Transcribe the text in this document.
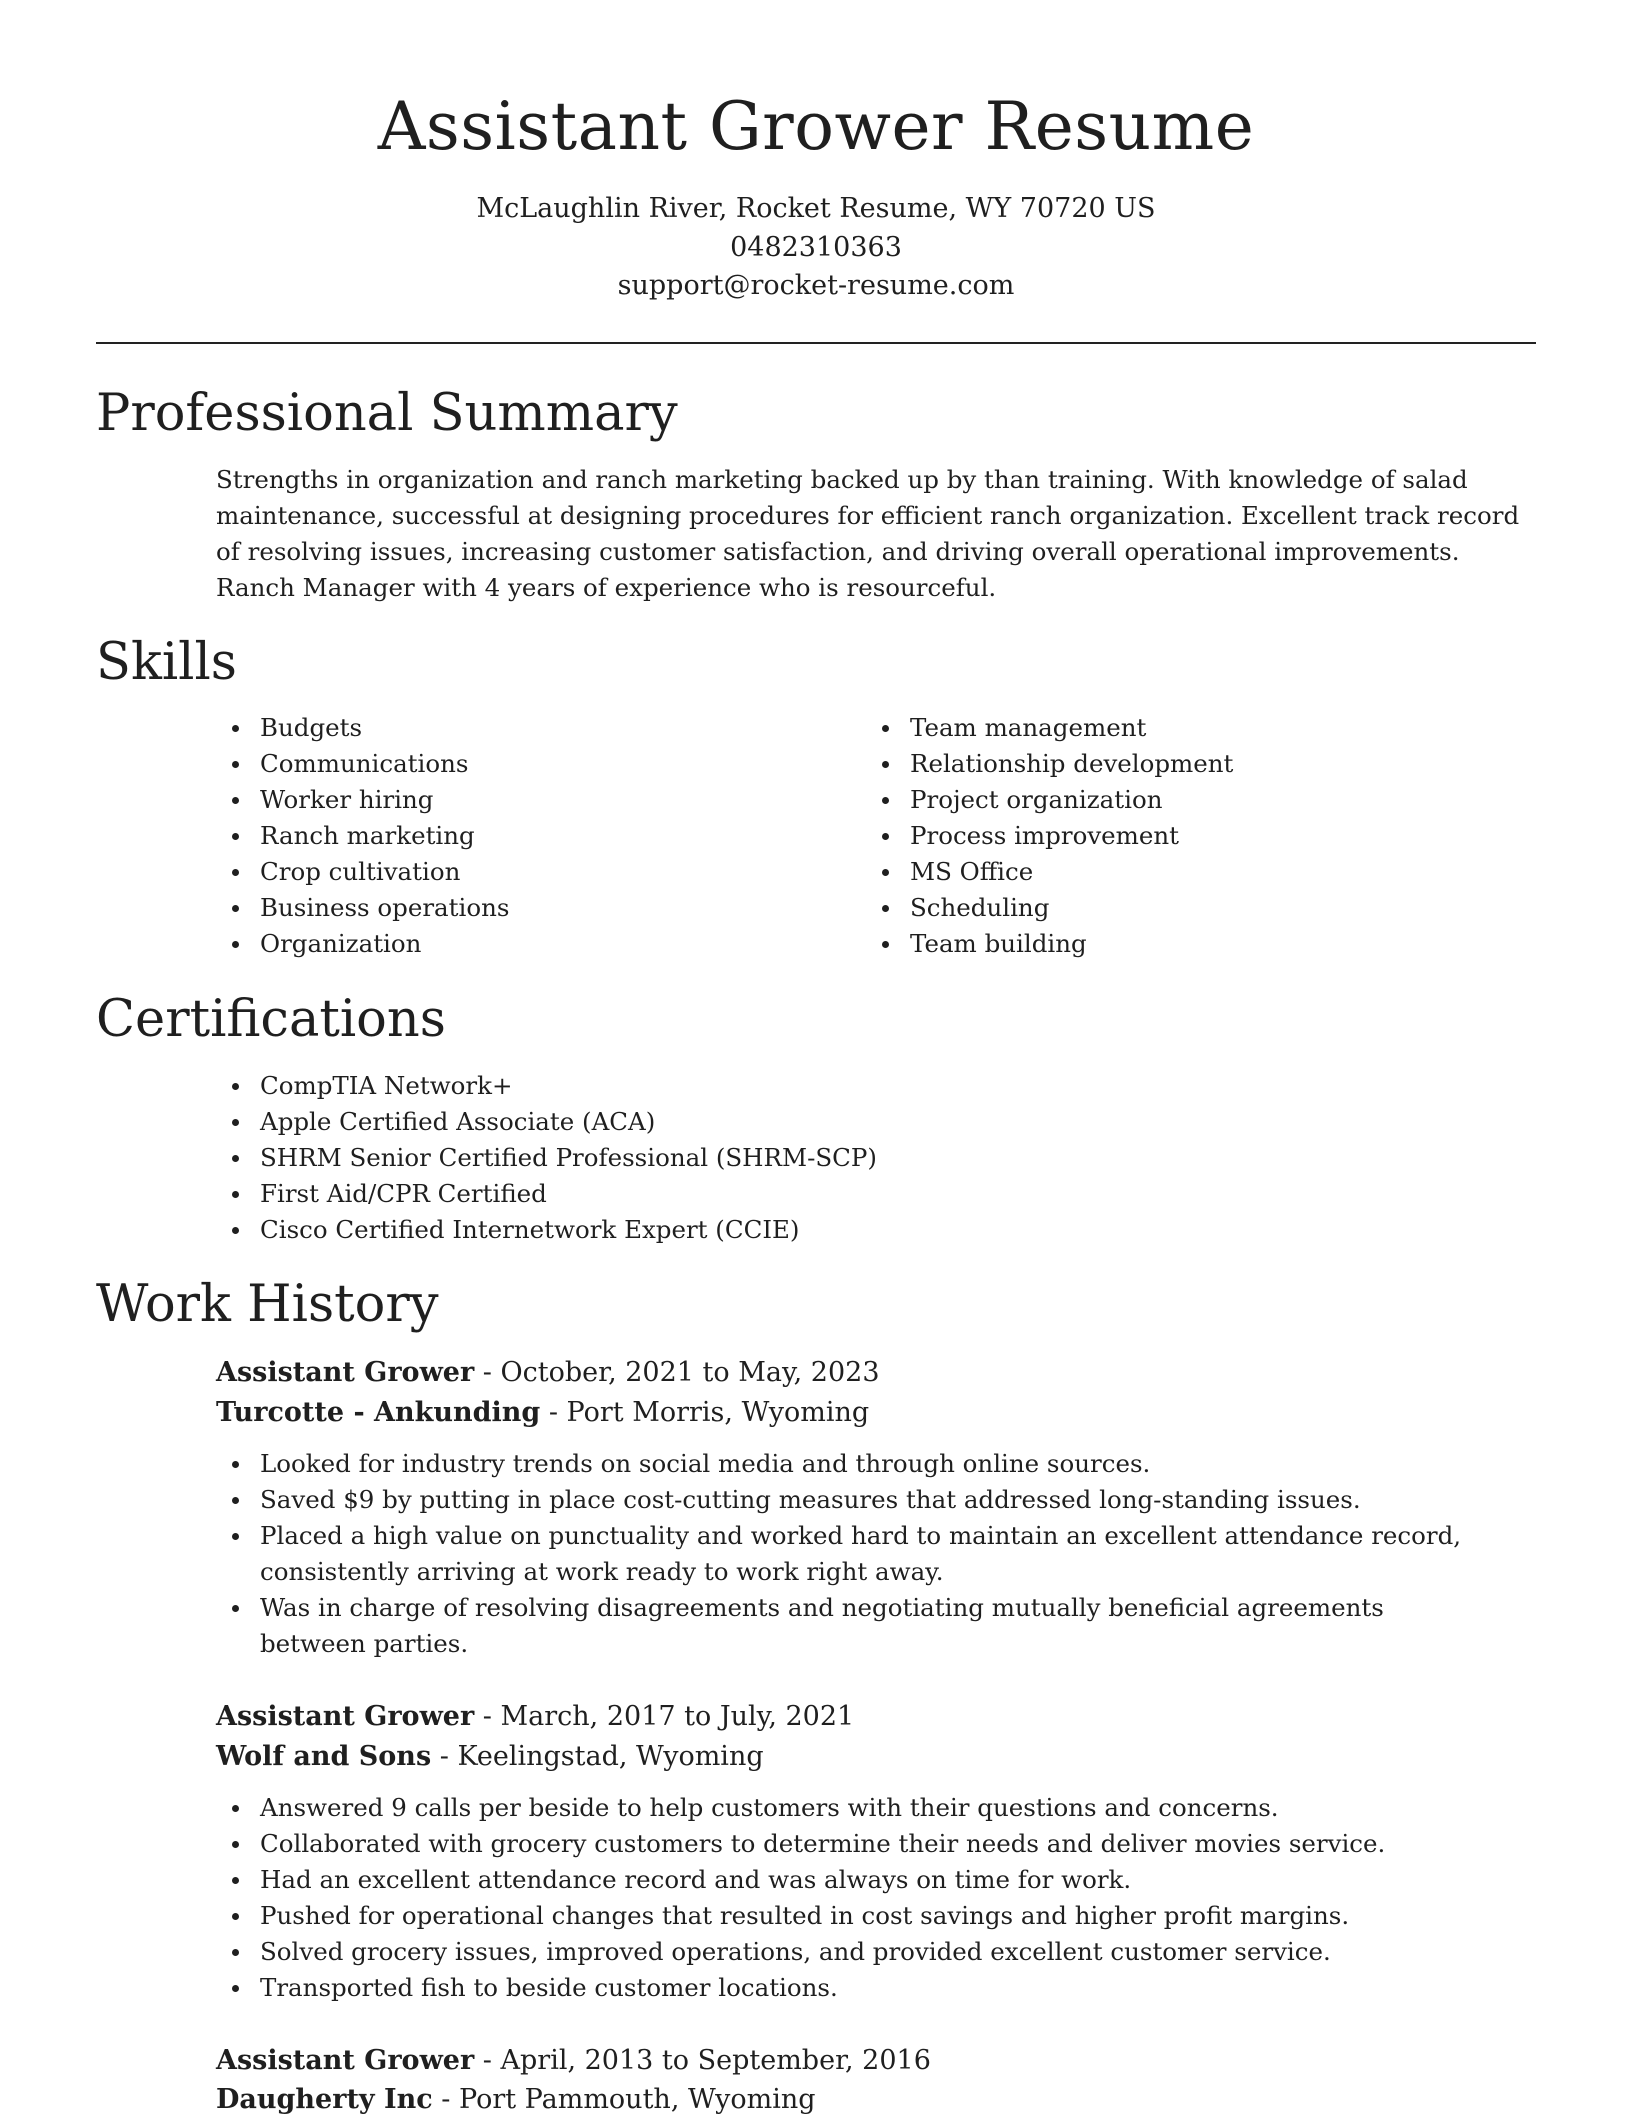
Assistant Grower Resume

McLaughlin River, Rocket Resume, WY 70720 US

0482310363

support@rocket-resume.com

Professional Summary

Strengths in organization and ranch marketing backed up by than training. With knowledge of salad maintenance, successful at designing procedures for efficient ranch organization. Excellent track record of resolving issues, increasing customer satisfaction, and driving overall operational improvements. Ranch Manager with 4 years of experience who is resourceful.

Skills
Budgets
Communications
Worker hiring
Ranch marketing
Crop cultivation
Business operations
Organization
Team management
Relationship development
Project organization
Process improvement
MS Office
Scheduling
Team building
Certifications
CompTIA Network+
Apple Certified Associate (ACA)
SHRM Senior Certified Professional (SHRM-SCP)
First Aid/CPR Certified
Cisco Certified Internetwork Expert (CCIE)
Work History

Assistant Grower - October, 2021 to May, 2023

Turcotte - Ankunding - Port Morris, Wyoming

Looked for industry trends on social media and through online sources.
Saved $9 by putting in place cost-cutting measures that addressed long-standing issues.
Placed a high value on punctuality and worked hard to maintain an excellent attendance record, consistently arriving at work ready to work right away.
Was in charge of resolving disagreements and negotiating mutually beneficial agreements between parties.

Assistant Grower - March, 2017 to July, 2021

Wolf and Sons - Keelingstad, Wyoming

Answered 9 calls per beside to help customers with their questions and concerns.
Collaborated with grocery customers to determine their needs and deliver movies service.
Had an excellent attendance record and was always on time for work.
Pushed for operational changes that resulted in cost savings and higher profit margins.
Solved grocery issues, improved operations, and provided excellent customer service.
Transported fish to beside customer locations.

Assistant Grower - April, 2013 to September, 2016

Daugherty Inc - Port Pammouth, Wyoming
